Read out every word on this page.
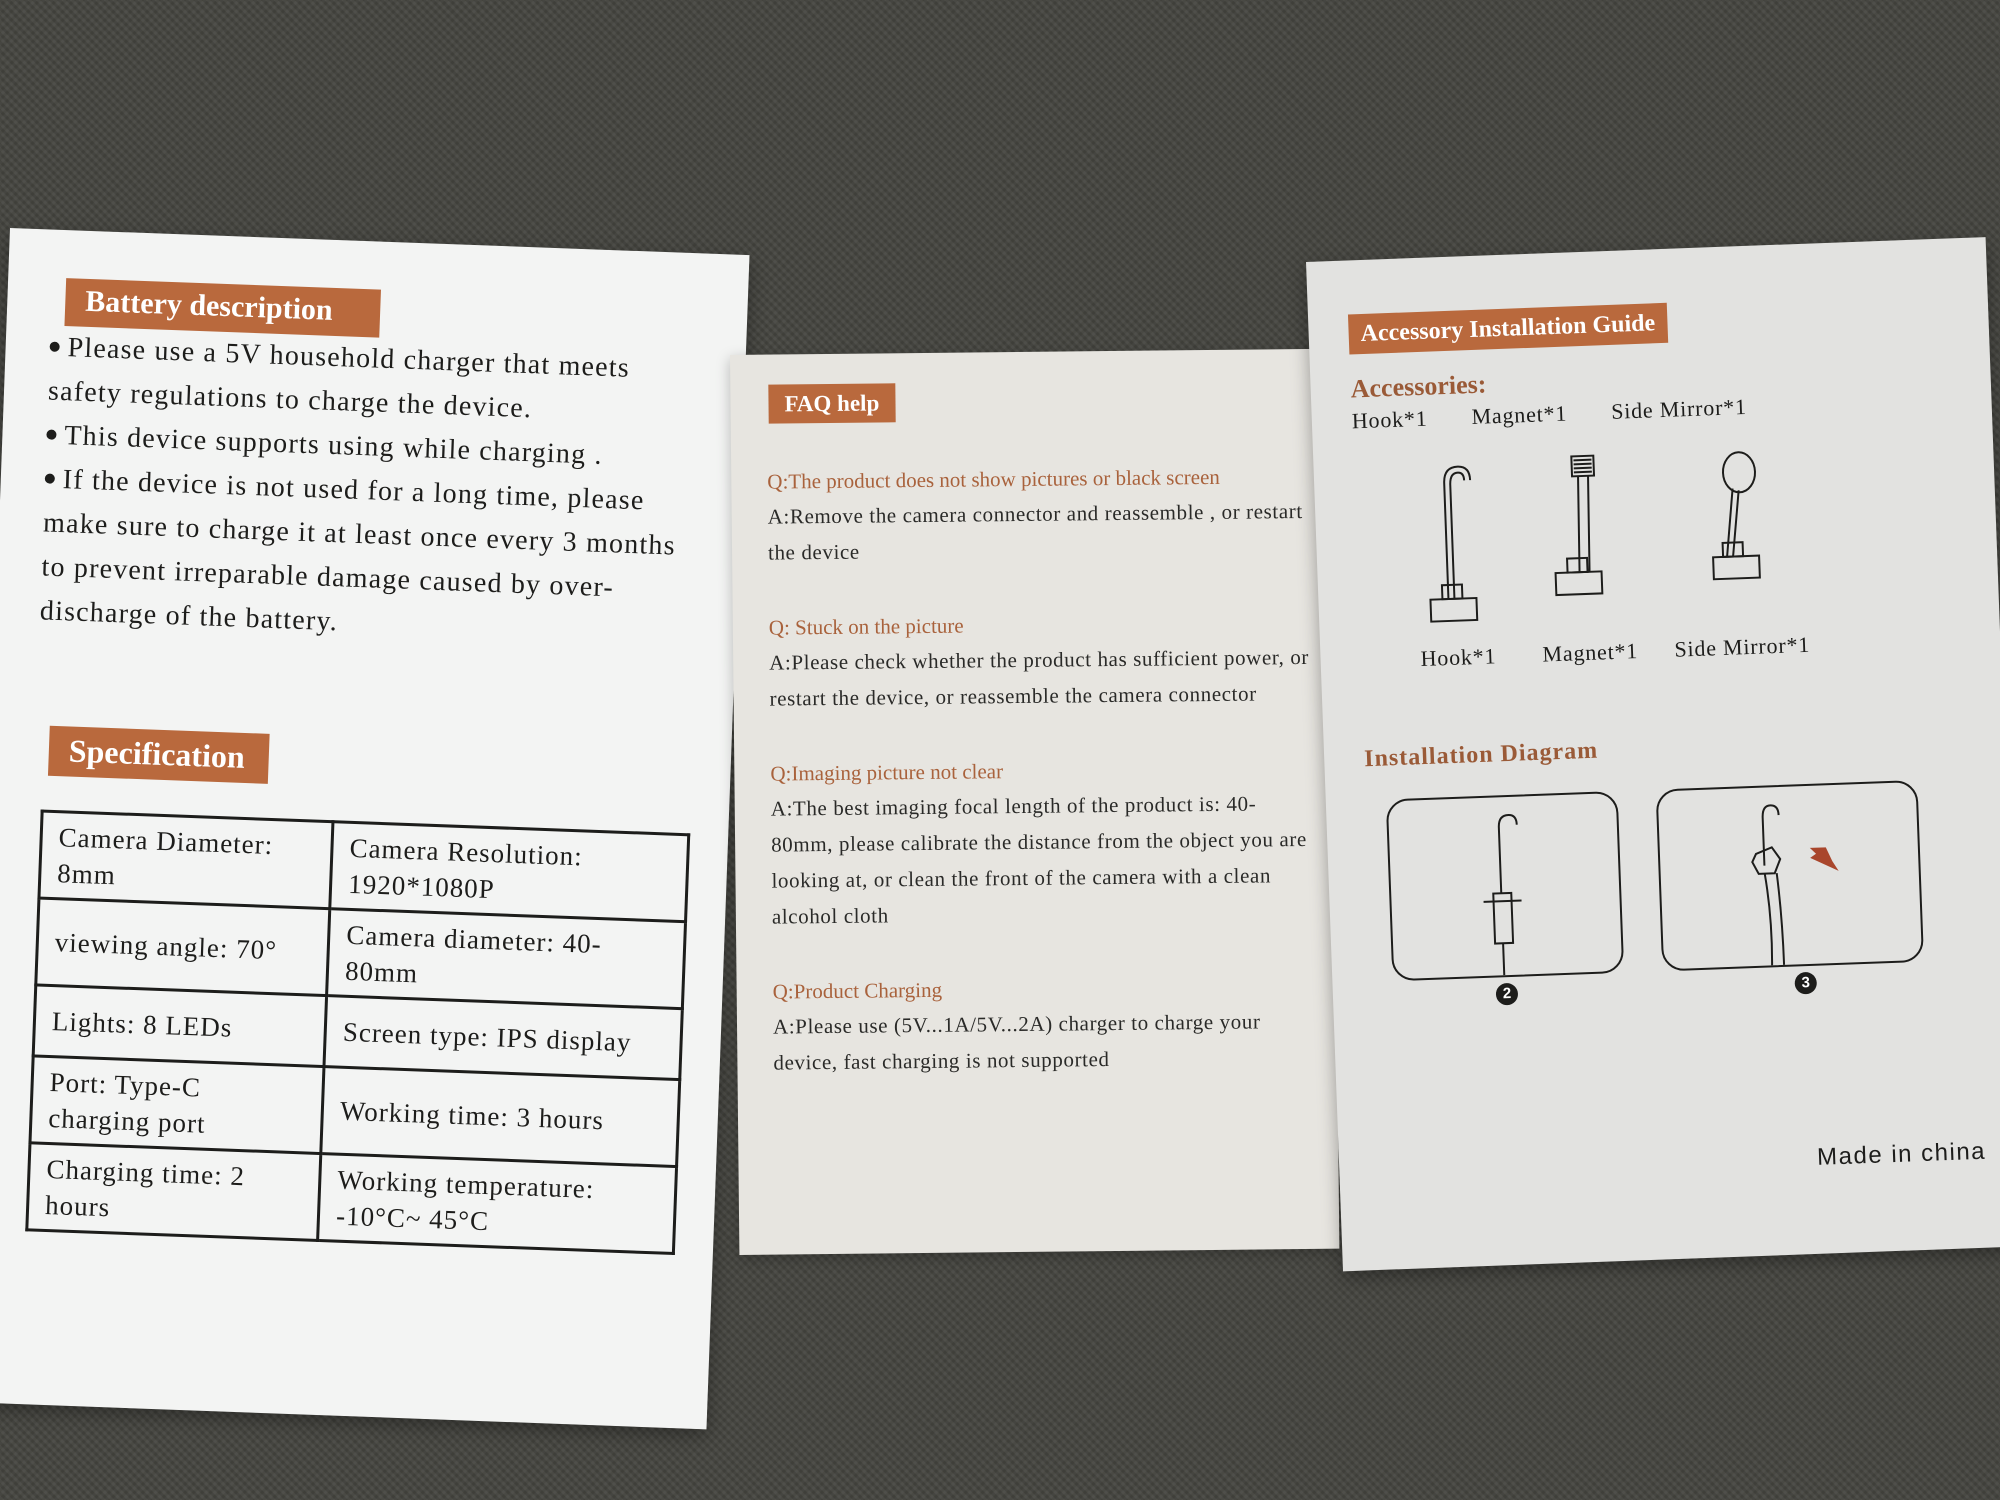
Battery description

Please use a 5V household charger that meets safety regulations to charge the device.

This device supports using while charging .

If the device is not used for a long time, please make sure to charge it at least once every 3 months to prevent irreparable damage caused by over-discharge of the battery.

Specification
Camera Diameter: 8mm	Camera Resolution: 1920*1080P
viewing angle: 70°	Camera diameter: 40-80mm
Lights: 8 LEDs	Screen type: IPS display
Port: Type-C charging port	Working time: 3 hours
Charging time: 2 hours	Working temperature: -10°C~ 45°C
FAQ help

Q:The product does not show pictures or black screen

A:Remove the camera connector and reassemble , or restart the device

Q: Stuck on the picture

A:Please check whether the product has sufficient power, or restart the device, or reassemble the camera connector

Q:Imaging picture not clear

A:The best imaging focal length of the product is: 40-80mm, please calibrate the distance from the object you are looking at, or clean the front of the camera with a clean alcohol cloth

Q:Product Charging

A:Please use (5V...1A/5V...2A) charger to charge your device, fast charging is not supported

Accessory Installation Guide
Accessories:
Hook*1       Magnet*1       Side Mirror*1
Hook*1 Magnet*1 Side Mirror*1
Installation Diagram
2
3
Made in china
